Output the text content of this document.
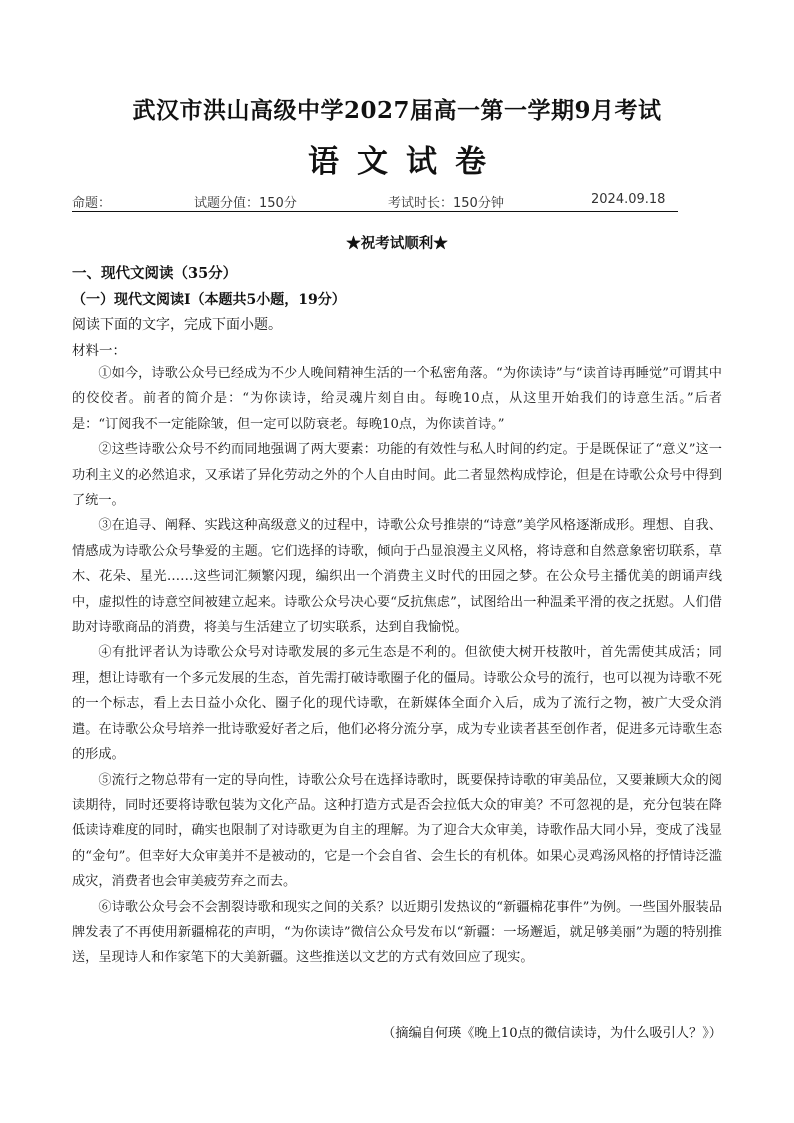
武汉市洪山高级中学2027届高一第一学期9月考试
语文试卷
命题：	试题分值：150分	考试时长：150分钟	2024.09.18
★祝考试顺利★
一、现代文阅读（35分）
（一）现代文阅读Ⅰ（本题共5小题，19分）
阅读下面的文字，完成下面小题。
材料一：

①如今，诗歌公众号已经成为不少人晚间精神生活的一个私密角落。“为你读诗”与“读首诗再睡觉”可谓其中的佼佼者。前者的简介是：“为你读诗，给灵魂片刻自由。每晚10点，从这里开始我们的诗意生活。”后者是：“订阅我不一定能除皱，但一定可以防衰老。每晚10点，为你读首诗。”

②这些诗歌公众号不约而同地强调了两大要素：功能的有效性与私人时间的约定。于是既保证了“意义”这一功利主义的必然追求，又承诺了异化劳动之外的个人自由时间。此二者显然构成悖论，但是在诗歌公众号中得到了统一。

③在追寻、阐释、实践这种高级意义的过程中，诗歌公众号推崇的“诗意”美学风格逐渐成形。理想、自我、情感成为诗歌公众号挚爱的主题。它们选择的诗歌，倾向于凸显浪漫主义风格，将诗意和自然意象密切联系，草木、花朵、星光……这些词汇频繁闪现，编织出一个消费主义时代的田园之梦。在公众号主播优美的朗诵声线中，虚拟性的诗意空间被建立起来。诗歌公众号决心要“反抗焦虑”，试图给出一种温柔平滑的夜之抚慰。人们借助对诗歌商品的消费，将美与生活建立了切实联系，达到自我愉悦。

④有批评者认为诗歌公众号对诗歌发展的多元生态是不利的。但欲使大树开枝散叶，首先需使其成活；同理，想让诗歌有一个多元发展的生态，首先需打破诗歌圈子化的僵局。诗歌公众号的流行，也可以视为诗歌不死的一个标志，看上去日益小众化、圈子化的现代诗歌，在新媒体全面介入后，成为了流行之物，被广大受众消遣。在诗歌公众号培养一批诗歌爱好者之后，他们必将分流分享，成为专业读者甚至创作者，促进多元诗歌生态的形成。

⑤流行之物总带有一定的导向性，诗歌公众号在选择诗歌时，既要保持诗歌的审美品位，又要兼顾大众的阅读期待，同时还要将诗歌包装为文化产品。这种打造方式是否会拉低大众的审美？不可忽视的是，充分包装在降低读诗难度的同时，确实也限制了对诗歌更为自主的理解。为了迎合大众审美，诗歌作品大同小异，变成了浅显的“金句”。但幸好大众审美并不是被动的，它是一个会自省、会生长的有机体。如果心灵鸡汤风格的抒情诗泛滥成灾，消费者也会审美疲劳弃之而去。

⑥诗歌公众号会不会割裂诗歌和现实之间的关系？以近期引发热议的“新疆棉花事件”为例。一些国外服装品牌发表了不再使用新疆棉花的声明，“为你读诗”微信公众号发布以“新疆：一场邂逅，就足够美丽”为题的特别推送，呈现诗人和作家笔下的大美新疆。这些推送以文艺的方式有效回应了现实。

（摘编自何瑛《晚上10点的微信读诗，为什么吸引人？》）
